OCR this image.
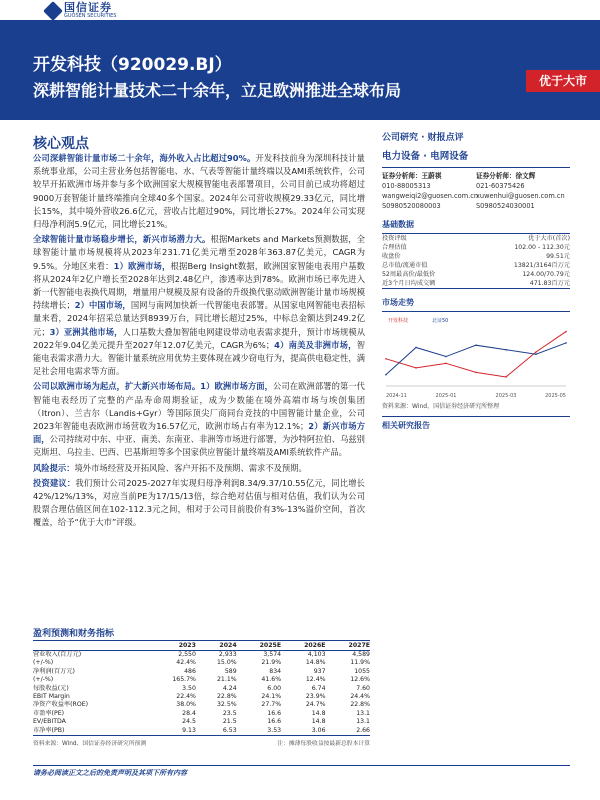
国信证券
GUOSEN SECURITIES
开发科技（920029.BJ）
深耕智能计量技术二十余年，立足欧洲推进全球布局	优于大市
核心观点

公司深耕智能计量市场二十余年，海外收入占比超过90%。开发科技前身为深圳科技计量系统事业部，公司主营业务包括智能电、水、气表等智能计量终端以及AMI系统软件，公司较早开拓欧洲市场并参与多个欧洲国家大规模智能电表部署项目，公司目前已成功将超过9000万套智能计量终端推向全球40多个国家。2024年公司营收规模29.33亿元，同比增长15%，其中境外营收26.6亿元，营收占比超过90%，同比增长27%。2024年公司实现归母净利润5.9亿元，同比增长21%。

全球智能计量市场稳步增长，新兴市场潜力大。根据Markets and Markets预测数据，全球智能计量市场规模将从2023年231.71亿美元增至2028年363.87亿美元，CAGR为9.5%。分地区来看：1）欧洲市场，根据Berg Insight数据，欧洲国家智能电表用户基数将从2024年2亿户增长至2028年达到2.48亿户，渗透率达到78%。欧洲市场已率先进入新一代智能电表换代周期，增量用户规模及原有设备的升级换代驱动欧洲智能计量市场规模持续增长；2）中国市场，国网与南网加快新一代智能电表部署。从国家电网智能电表招标量来看，2024年招采总量达到8939万台，同比增长超过25%，中标总金额达到249.2亿元；3）亚洲其他市场，人口基数大叠加智能电网建设带动电表需求提升，预计市场规模从2022年9.04亿美元提升至2027年12.07亿美元，CAGR为6%；4）南美及非洲市场，智能电表需求潜力大。智能计量系统应用优势主要体现在减少窃电行为，提高供电稳定性，满足社会用电需求等方面。

公司以欧洲市场为起点，扩大新兴市场布局。1）欧洲市场方面，公司在欧洲部署的第一代智能电表经历了完整的产品寿命周期验证，成为少数能在境外高端市场与埃创集团（Itron）、兰吉尔（Landis+Gyr）等国际顶尖厂商同台竞技的中国智能计量企业，公司2023年智能电表欧洲市场营收为16.57亿元，欧洲市场占有率为12.1%；2）新兴市场方面，公司持续对中东、中亚、南美、东南亚、非洲等市场进行部署，为沙特阿拉伯、乌兹别克斯坦、乌拉圭、巴西、巴基斯坦等多个国家供应智能计量终端及AMI系统软件产品。

风险提示：境外市场经营及开拓风险、客户开拓不及预期、需求不及预期。

投资建议：我们预计公司2025-2027年实现归母净利润8.34/9.37/10.55亿元，同比增长42%/12%/13%，对应当前PE为17/15/13倍，综合绝对估值与相对估值，我们认为公司股票合理估值区间在102-112.3元之间，相对于公司目前股价有3%-13%溢价空间，首次覆盖，给予“优于大市”评级。

公司研究 · 财报点评
电力设备 · 电网设备
证券分析师：王蔚祺
010-88005313
wangweiqi2@guosen.com.cn
S0980520080003
证券分析师：徐文辉
021-60375426
xuwenhui@guosen.com.cn
S0980524030001
基础数据
投资评级	优于大市(首次)
合理估值	102.00 - 112.30元
收盘价	99.51元
总市值/流通市值	13821/3164百万元
52周最高价/最低价	124.00/70.79元
近3个月日均成交额	471.83百万元
市场走势
2024-11	2025-01	2025-03	2025-05
开发科技	北证50
资料来源：Wind、国信证券经济研究所整理
相关研究报告
盈利预测和财务指标
	2023	2024	2025E	2026E	2027E
营业收入(百万元)	2,550	2,933	3,574	4,103	4,589
(+/-%)	42.4%	15.0%	21.9%	14.8%	11.9%
净利润(百万元)	486	589	834	937	1055
(+/-%)	165.7%	21.1%	41.6%	12.4%	12.6%
每股收益(元)	3.50	4.24	6.00	6.74	7.60
EBIT Margin	22.4%	22.8%	24.1%	23.9%	24.4%
净资产收益率(ROE)	38.0%	32.5%	27.7%	24.7%	22.8%
市盈率(PE)	28.4	23.5	16.6	14.8	13.1
EV/EBITDA	24.5	21.5	16.6	14.8	13.1
市净率(PB)	9.13	6.53	3.53	3.06	2.66
资料来源：Wind、国信证券经济研究所预测	注：摊薄每股收益按最新总股本计算
请务必阅读正文之后的免责声明及其项下所有内容
